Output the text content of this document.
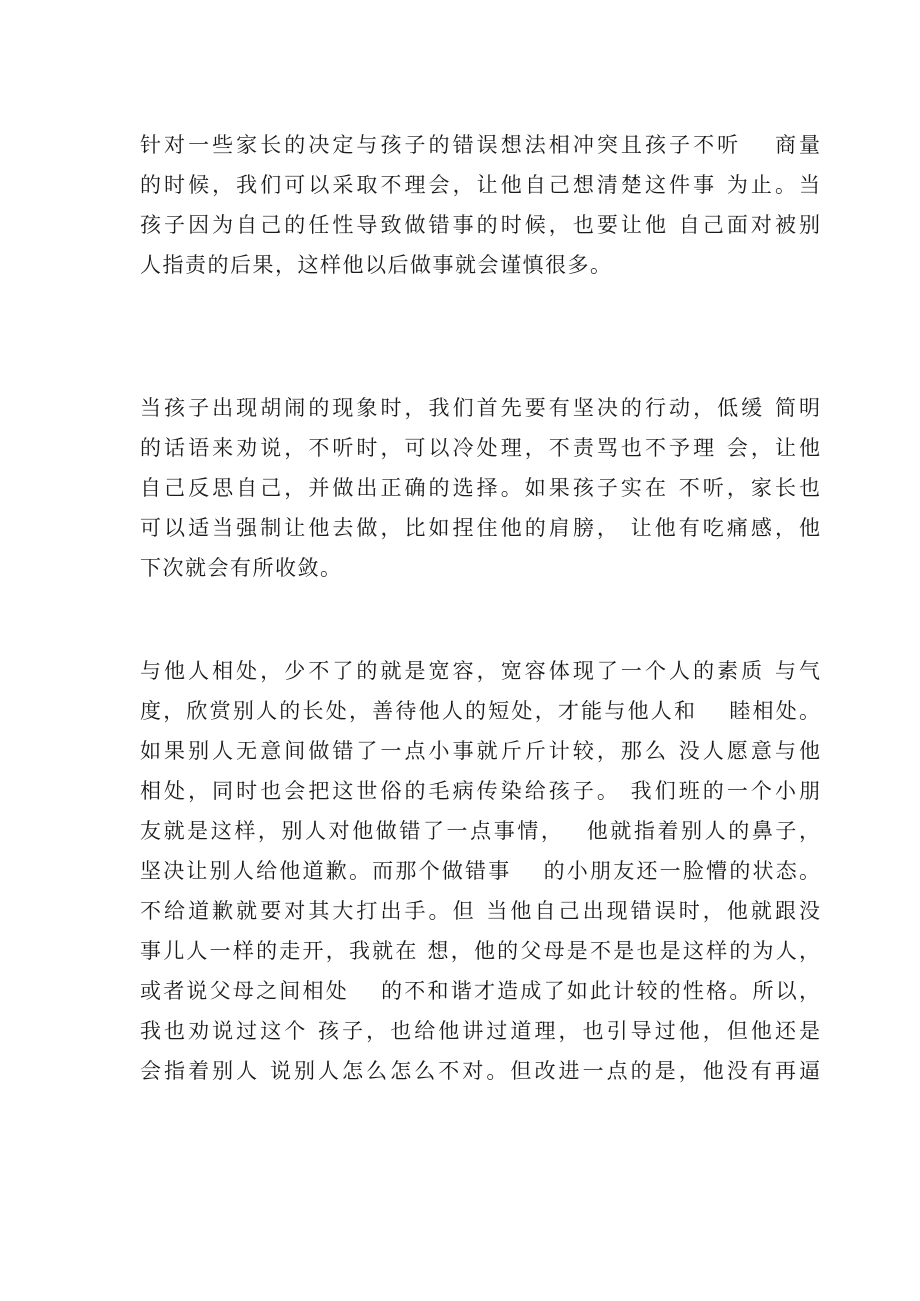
针对一些家长的决定与孩子的错误想法相冲突且孩子不听　 商量
的时候，我们可以采取不理会，让他自己想清楚这件事 为止。当
孩子因为自己的任性导致做错事的时候，也要让他 自己面对被别
人指责的后果，这样他以后做事就会谨慎很多。
当孩子出现胡闹的现象时，我们首先要有坚决的行动，低缓 简明
的话语来劝说，不听时，可以冷处理，不责骂也不予理 会，让他
自己反思自己，并做出正确的选择。如果孩子实在 不听，家长也
可以适当强制让他去做，比如捏住他的肩膀， 让他有吃痛感，他
下次就会有所收敛。
与他人相处，少不了的就是宽容，宽容体现了一个人的素质 与气
度，欣赏别人的长处，善待他人的短处，才能与他人和　 睦相处。
如果别人无意间做错了一点小事就斤斤计较，那么 没人愿意与他
相处，同时也会把这世俗的毛病传染给孩子。 我们班的一个小朋
友就是这样，别人对他做错了一点事情，　 他就指着别人的鼻子，
坚决让别人给他道歉。而那个做错事　 的小朋友还一脸懵的状态。
不给道歉就要对其大打出手。但 当他自己出现错误时，他就跟没
事儿人一样的走开，我就在 想，他的父母是不是也是这样的为人，
或者说父母之间相处　 的不和谐才造成了如此计较的性格。所以，
我也劝说过这个 孩子，也给他讲过道理，也引导过他，但他还是
会指着别人 说别人怎么怎么不对。但改进一点的是，他没有再逼
